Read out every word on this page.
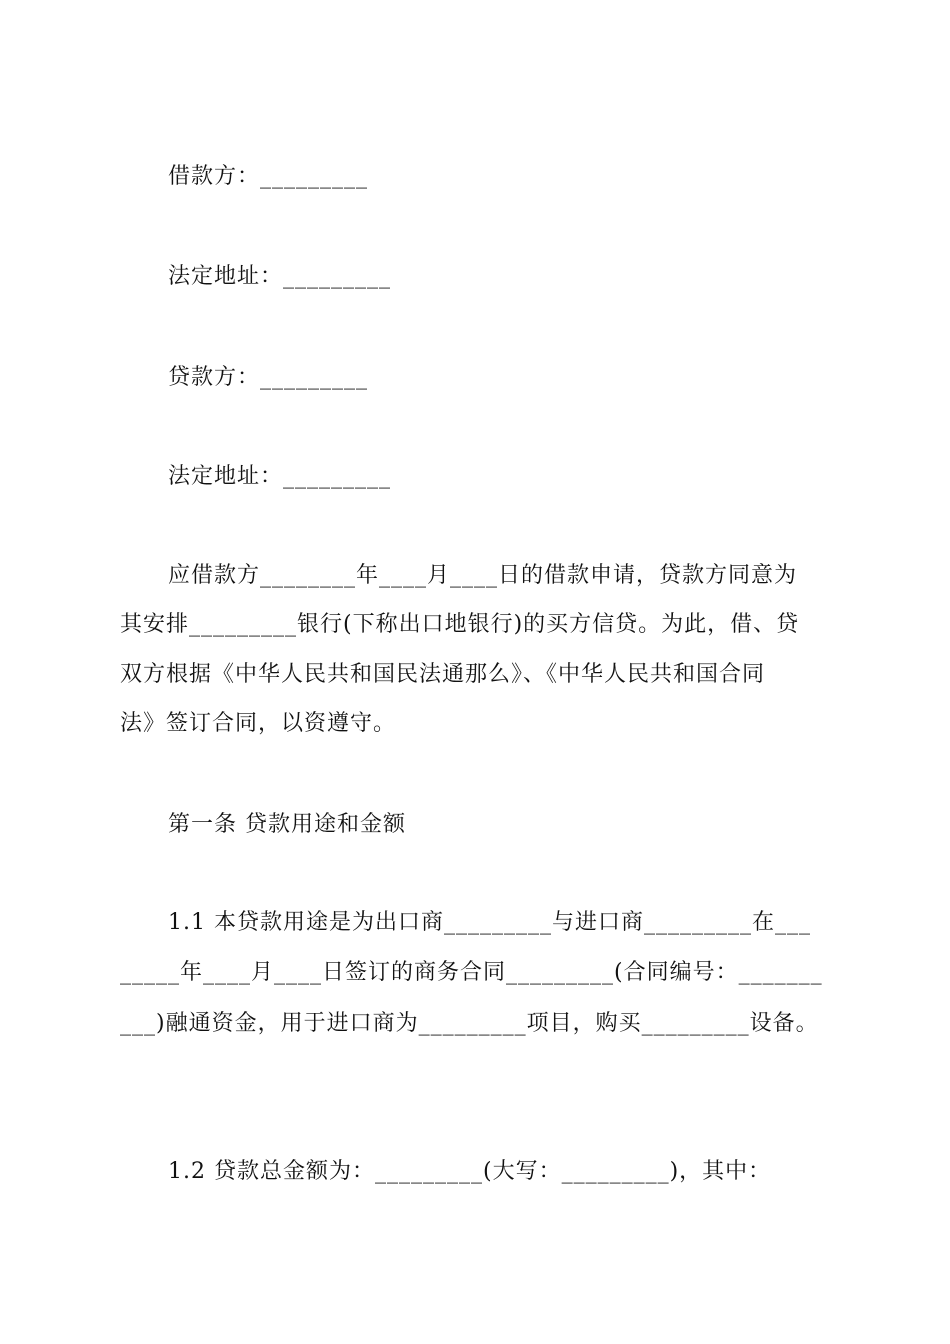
借款方：_________
法定地址：_________
贷款方：_________
法定地址：_________
应借款方________年____月____日的借款申请，贷款方同意为
其安排_________银行(下称出口地银行)的买方信贷。为此，借、贷
双方根据《中华人民共和国民法通那么》、《中华人民共和国合同
法》签订合同，以资遵守。
第一条 贷款用途和金额
1.1 本贷款用途是为出口商_________与进口商_________在___
_____年____月____日签订的商务合同_________(合同编号：_______
___)融通资金，用于进口商为_________项目，购买_________设备。
1.2 贷款总金额为：_________(大写：_________)，其中：
